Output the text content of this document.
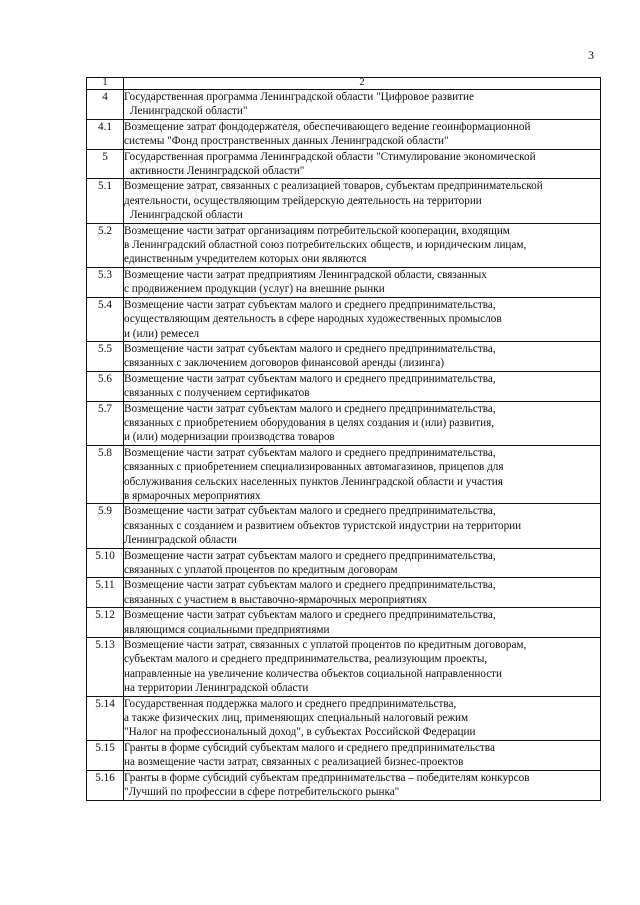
3
1	2
4	Государственная программа Ленинградской области "Цифровое развитие
Ленинградской области"

4.1	Возмещение затрат фондодержателя, обеспечивающего ведение геоинформационной
системы "Фонд пространственных данных Ленинградской области"

5	Государственная программа Ленинградской области "Стимулирование экономической
активности Ленинградской области"

5.1	Возмещение затрат, связанных с реализацией товаров, субъектам предпринимательской
деятельности, осуществляющим трейдерскую деятельность на территории
Ленинградской области

5.2	Возмещение части затрат организациям потребительской кооперации, входящим
в Ленинградский областной союз потребительских обществ, и юридическим лицам,
единственным учредителем которых они являются

5.3	Возмещение части затрат предприятиям Ленинградской области, связанных
с продвижением продукции (услуг) на внешние рынки

5.4	Возмещение части затрат субъектам малого и среднего предпринимательства,
осуществляющим деятельность в сфере народных художественных промыслов
и (или) ремесел

5.5	Возмещение части затрат субъектам малого и среднего предпринимательства,
связанных с заключением договоров финансовой аренды (лизинга)

5.6	Возмещение части затрат субъектам малого и среднего предпринимательства,
связанных с получением сертификатов

5.7	Возмещение части затрат субъектам малого и среднего предпринимательства,
связанных с приобретением оборудования в целях создания и (или) развития,
и (или) модернизации производства товаров

5.8	Возмещение части затрат субъектам малого и среднего предпринимательства,
связанных с приобретением специализированных автомагазинов, прицепов для
обслуживания сельских населенных пунктов Ленинградской области и участия
в ярмарочных мероприятиях

5.9	Возмещение части затрат субъектам малого и среднего предпринимательства,
связанных с созданием и развитием объектов туристской индустрии на территории
Ленинградской области

5.10	Возмещение части затрат субъектам малого и среднего предпринимательства,
связанных с уплатой процентов по кредитным договорам

5.11	Возмещение части затрат субъектам малого и среднего предпринимательства,
связанных с участием в выставочно-ярмарочных мероприятиях

5.12	Возмещение части затрат субъектам малого и среднего предпринимательства,
являющимся социальными предприятиями

5.13	Возмещение части затрат, связанных с уплатой процентов по кредитным договорам,
субъектам малого и среднего предпринимательства, реализующим проекты,
направленные на увеличение количества объектов социальной направленности
на территории Ленинградской области

5.14	Государственная поддержка малого и среднего предпринимательства,
а также физических лиц, применяющих специальный налоговый режим
"Налог на профессиональный доход", в субъектах Российской Федерации

5.15	Гранты в форме субсидий субъектам малого и среднего предпринимательства
на возмещение части затрат, связанных с реализацией бизнес-проектов

5.16	Гранты в форме субсидий субъектам предпринимательства – победителям конкурсов
"Лучший по профессии в сфере потребительского рынка"
